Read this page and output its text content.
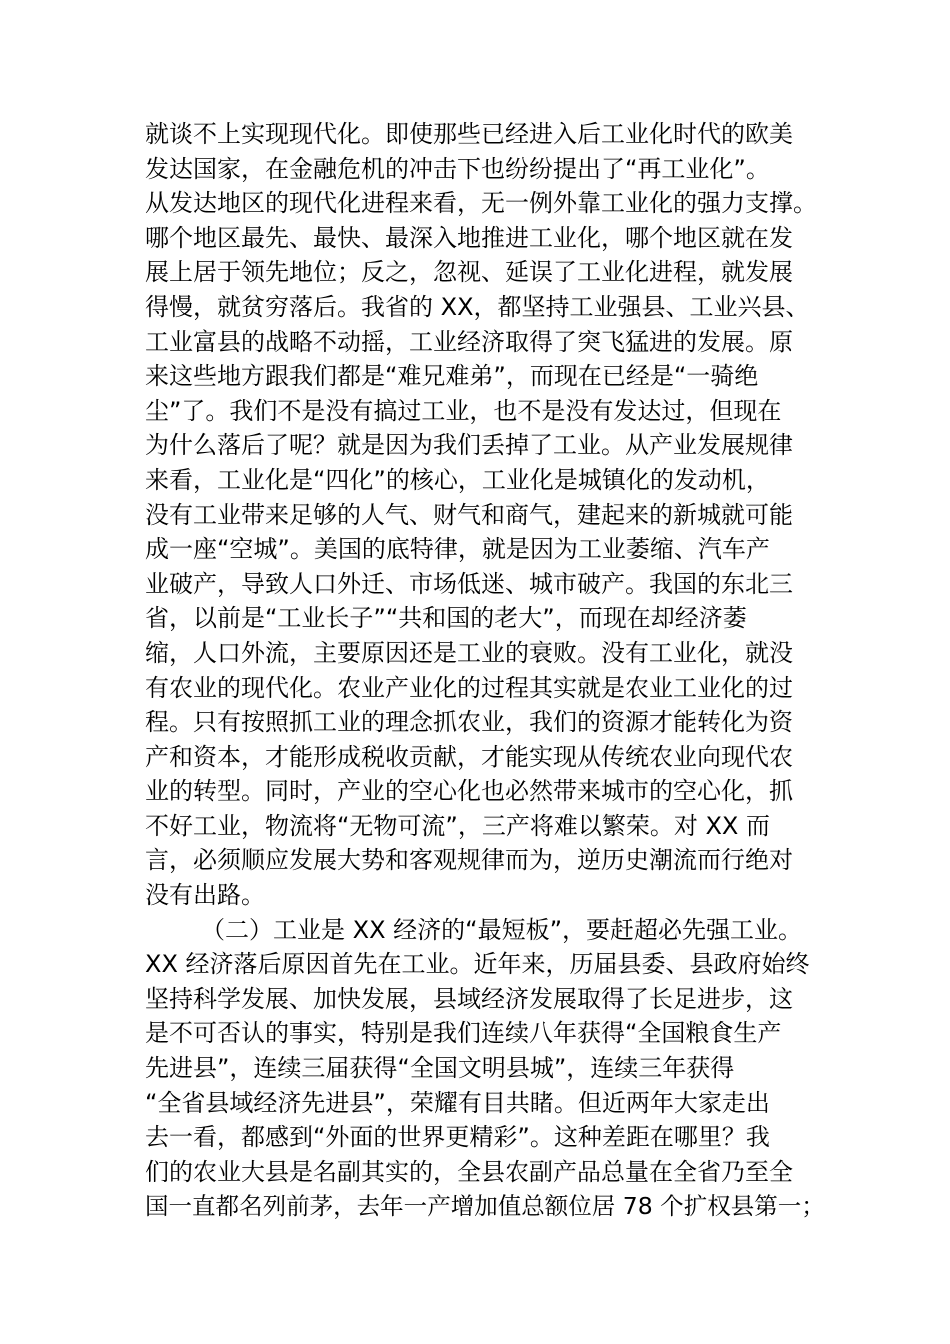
就谈不上实现现代化。即使那些已经进入后工业化时代的欧美
发达国家，在金融危机的冲击下也纷纷提出了“再工业化”。
从发达地区的现代化进程来看，无一例外靠工业化的强力支撑。
哪个地区最先、最快、最深入地推进工业化，哪个地区就在发
展上居于领先地位；反之，忽视、延误了工业化进程，就发展
得慢，就贫穷落后。我省的 XX，都坚持工业强县、工业兴县、
工业富县的战略不动摇，工业经济取得了突飞猛进的发展。原
来这些地方跟我们都是“难兄难弟”，而现在已经是“一骑绝
尘”了。我们不是没有搞过工业，也不是没有发达过，但现在
为什么落后了呢？就是因为我们丢掉了工业。从产业发展规律
来看，工业化是“四化”的核心，工业化是城镇化的发动机，
没有工业带来足够的人气、财气和商气，建起来的新城就可能
成一座“空城”。美国的底特律，就是因为工业萎缩、汽车产
业破产，导致人口外迁、市场低迷、城市破产。我国的东北三
省，以前是“工业长子”“共和国的老大”，而现在却经济萎
缩，人口外流，主要原因还是工业的衰败。没有工业化，就没
有农业的现代化。农业产业化的过程其实就是农业工业化的过
程。只有按照抓工业的理念抓农业，我们的资源才能转化为资
产和资本，才能形成税收贡献，才能实现从传统农业向现代农
业的转型。同时，产业的空心化也必然带来城市的空心化，抓
不好工业，物流将“无物可流”，三产将难以繁荣。对 XX 而
言，必须顺应发展大势和客观规律而为，逆历史潮流而行绝对
没有出路。
（二）工业是 XX 经济的“最短板”，要赶超必先强工业。
XX 经济落后原因首先在工业。近年来，历届县委、县政府始终
坚持科学发展、加快发展，县域经济发展取得了长足进步，这
是不可否认的事实，特别是我们连续八年获得“全国粮食生产
先进县”，连续三届获得“全国文明县城”，连续三年获得
“全省县域经济先进县”，荣耀有目共睹。但近两年大家走出
去一看，都感到“外面的世界更精彩”。这种差距在哪里？我
们的农业大县是名副其实的，全县农副产品总量在全省乃至全
国一直都名列前茅，去年一产增加值总额位居 78 个扩权县第一；
